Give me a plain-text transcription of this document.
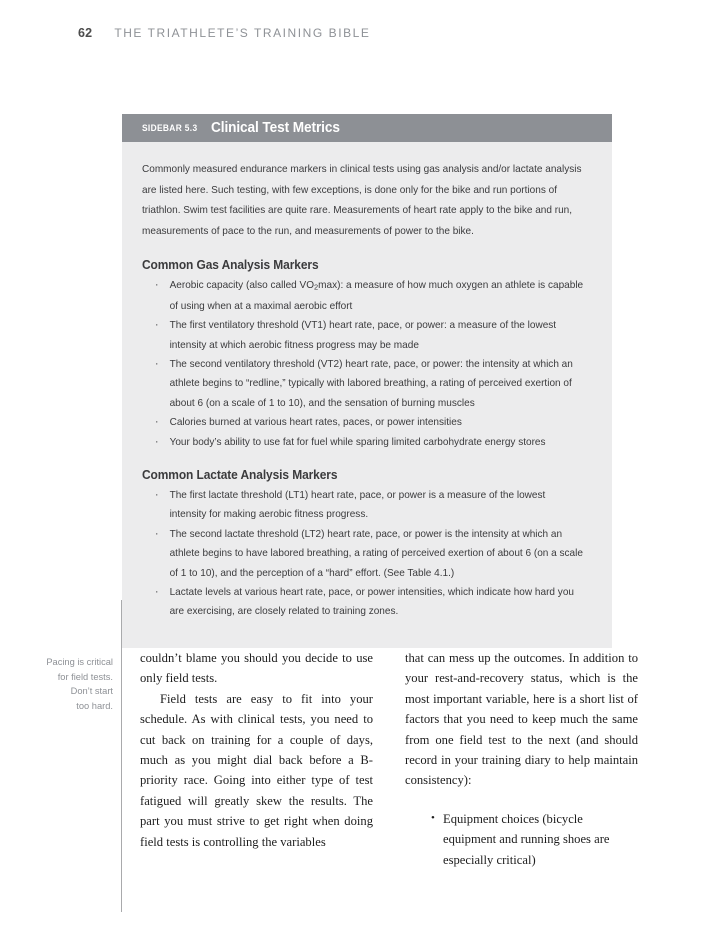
62 THE TRIATHLETE’S TRAINING BIBLE
SIDEBAR 5.3 Clinical Test Metrics

Commonly measured endurance markers in clinical tests using gas analysis and/or lactate analysis are listed here. Such testing, with few exceptions, is done only for the bike and run portions of triathlon. Swim test facilities are quite rare. Measurements of heart rate apply to the bike and run, measurements of pace to the run, and measurements of power to the bike.

Common Gas Analysis Markers
· Aerobic capacity (also called $VO_2\max$): a measure of how much oxygen an athlete is capable of using when at a maximal aerobic effort
· The first ventilatory threshold (VT1) heart rate, pace, or power: a measure of the lowest intensity at which aerobic fitness progress may be made
· The second ventilatory threshold (VT2) heart rate, pace, or power: the intensity at which an athlete begins to “redline,” typically with labored breathing, a rating of perceived exertion of about 6 (on a scale of 1 to 10), and the sensation of burning muscles
· Calories burned at various heart rates, paces, or power intensities
· Your body’s ability to use fat for fuel while sparing limited carbohydrate energy stores
Common Lactate Analysis Markers
· The first lactate threshold (LT1) heart rate, pace, or power is a measure of the lowest intensity for making aerobic fitness progress.
· The second lactate threshold (LT2) heart rate, pace, or power is the intensity at which an athlete begins to have labored breathing, a rating of perceived exertion of about 6 (on a scale of 1 to 10), and the perception of a “hard” effort. (See Table 4.1.)
· Lactate levels at various heart rate, pace, or power intensities, which indicate how hard you are exercising, are closely related to training zones.
Pacing is critical
for field tests.
Don’t start
too hard.

couldn’t blame you should you decide to use only field tests.

Field tests are easy to fit into your schedule. As with clinical tests, you need to cut back on training for a couple of days, much as you might dial back before a B-priority race. Going into either type of test fatigued will greatly skew the results. The part you must strive to get right when doing field tests is controlling the variables

that can mess up the outcomes. In addition to your rest-and-recovery status, which is the most important variable, here is a short list of factors that you need to keep much the same from one field test to the next (and should record in your training diary to help maintain consistency):

• Equipment choices (bicycle equipment and running shoes are especially critical)
